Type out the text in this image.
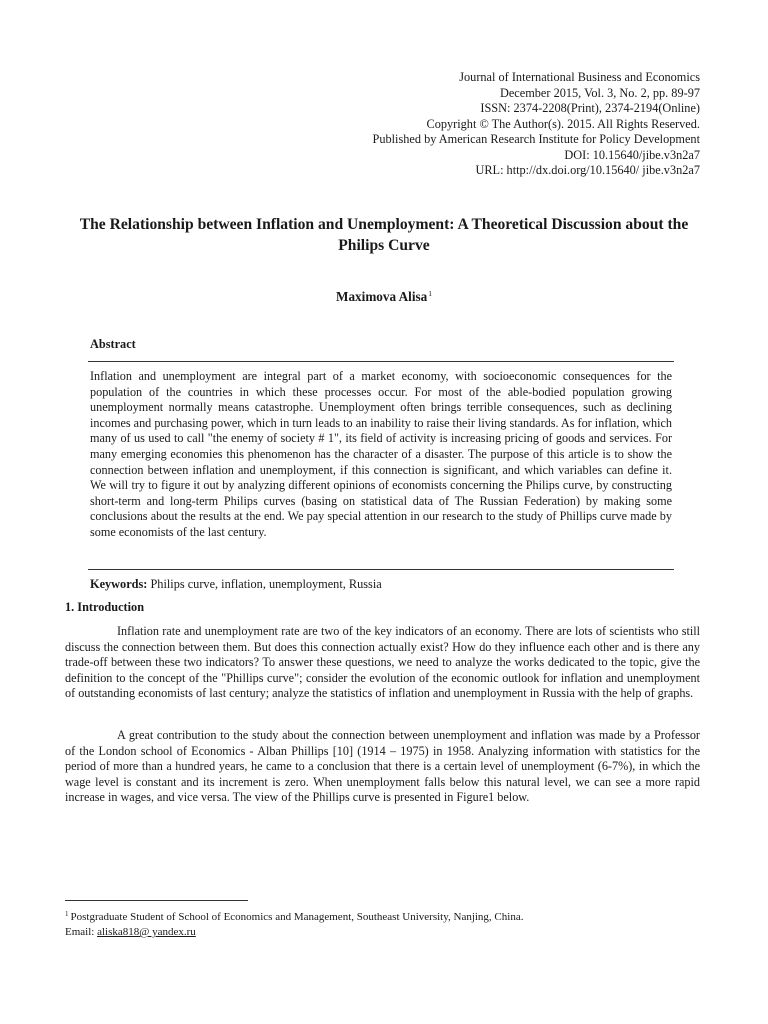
Journal of International Business and Economics
December 2015, Vol. 3, No. 2, pp. 89-97
ISSN: 2374-2208(Print), 2374-2194(Online)
Copyright © The Author(s). 2015. All Rights Reserved.
Published by American Research Institute for Policy Development
DOI: 10.15640/jibe.v3n2a7
URL: http://dx.doi.org/10.15640/ jibe.v3n2a7
The Relationship between Inflation and Unemployment: A Theoretical Discussion about the Philips Curve
Maximova Alisa$^1$
Abstract
Inflation and unemployment are integral part of a market economy, with socioeconomic consequences for the population of the countries in which these processes occur. For most of the able-bodied population growing unemployment normally means catastrophe. Unemployment often brings terrible consequences, such as declining incomes and purchasing power, which in turn leads to an inability to raise their living standards. As for inflation, which many of us used to call "the enemy of society # 1", its field of activity is increasing pricing of goods and services. For many emerging economies this phenomenon has the character of a disaster. The purpose of this article is to show the connection between inflation and unemployment, if this connection is significant, and which variables can define it. We will try to figure it out by analyzing different opinions of economists concerning the Philips curve, by constructing short-term and long-term Philips curves (basing on statistical data of The Russian Federation) by making some conclusions about the results at the end. We pay special attention in our research to the study of Phillips curve made by some economists of the last century.
Keywords: Philips curve, inflation, unemployment, Russia
1. Introduction
Inflation rate and unemployment rate are two of the key indicators of an economy. There are lots of scientists who still discuss the connection between them. But does this connection actually exist? How do they influence each other and is there any trade-off between these two indicators? To answer these questions, we need to analyze the works dedicated to the topic, give the definition to the concept of the "Phillips curve"; consider the evolution of the economic outlook for inflation and unemployment of outstanding economists of last century; analyze the statistics of inflation and unemployment in Russia with the help of graphs.
A great contribution to the study about the connection between unemployment and inflation was made by a Professor of the London school of Economics - Alban Phillips [10] (1914 – 1975) in 1958. Analyzing information with statistics for the period of more than a hundred years, he came to a conclusion that there is a certain level of unemployment (6-7%), in which the wage level is constant and its increment is zero. When unemployment falls below this natural level, we can see a more rapid increase in wages, and vice versa. The view of the Phillips curve is presented in Figure1 below.
$^1$ Postgraduate Student of School of Economics and Management, Southeast University, Nanjing, China.
Email: aliska818@ yandex.ru
